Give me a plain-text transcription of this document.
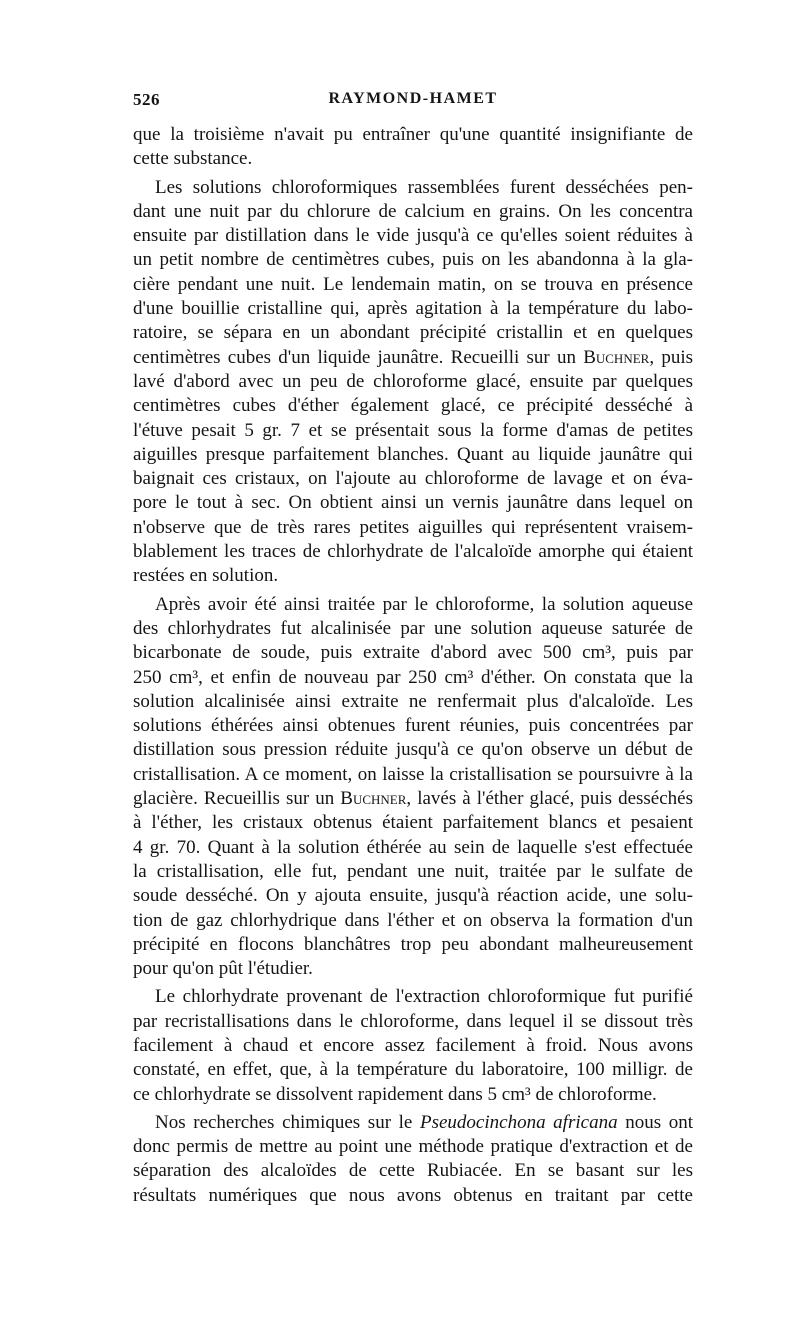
526	RAYMOND-HAMET
que la troisième n'avait pu entraîner qu'une quantité insignifiante de
cette substance.
Les solutions chloroformiques rassemblées furent desséchées pen-
dant une nuit par du chlorure de calcium en grains. On les concentra
ensuite par distillation dans le vide jusqu'à ce qu'elles soient réduites à
un petit nombre de centimètres cubes, puis on les abandonna à la gla-
cière pendant une nuit. Le lendemain matin, on se trouva en présence
d'une bouillie cristalline qui, après agitation à la température du labo-
ratoire, se sépara en un abondant précipité cristallin et en quelques
centimètres cubes d'un liquide jaunâtre. Recueilli sur un Buchner, puis
lavé d'abord avec un peu de chloroforme glacé, ensuite par quelques
centimètres cubes d'éther également glacé, ce précipité desséché à
l'étuve pesait 5 gr. 7 et se présentait sous la forme d'amas de petites
aiguilles presque parfaitement blanches. Quant au liquide jaunâtre qui
baignait ces cristaux, on l'ajoute au chloroforme de lavage et on éva-
pore le tout à sec. On obtient ainsi un vernis jaunâtre dans lequel on
n'observe que de très rares petites aiguilles qui représentent vraisem-
blablement les traces de chlorhydrate de l'alcaloïde amorphe qui étaient
restées en solution.
Après avoir été ainsi traitée par le chloroforme, la solution aqueuse
des chlorhydrates fut alcalinisée par une solution aqueuse saturée de
bicarbonate de soude, puis extraite d'abord avec 500 cm³, puis par
250 cm³, et enfin de nouveau par 250 cm³ d'éther. On constata que la
solution alcalinisée ainsi extraite ne renfermait plus d'alcaloïde. Les
solutions éthérées ainsi obtenues furent réunies, puis concentrées par
distillation sous pression réduite jusqu'à ce qu'on observe un début de
cristallisation. A ce moment, on laisse la cristallisation se poursuivre à la
glacière. Recueillis sur un Buchner, lavés à l'éther glacé, puis desséchés
à l'éther, les cristaux obtenus étaient parfaitement blancs et pesaient
4 gr. 70. Quant à la solution éthérée au sein de laquelle s'est effectuée
la cristallisation, elle fut, pendant une nuit, traitée par le sulfate de
soude desséché. On y ajouta ensuite, jusqu'à réaction acide, une solu-
tion de gaz chlorhydrique dans l'éther et on observa la formation d'un
précipité en flocons blanchâtres trop peu abondant malheureusement
pour qu'on pût l'étudier.
Le chlorhydrate provenant de l'extraction chloroformique fut purifié
par recristallisations dans le chloroforme, dans lequel il se dissout très
facilement à chaud et encore assez facilement à froid. Nous avons
constaté, en effet, que, à la température du laboratoire, 100 milligr. de
ce chlorhydrate se dissolvent rapidement dans 5 cm³ de chloroforme.
Nos recherches chimiques sur le Pseudocinchona africana nous ont
donc permis de mettre au point une méthode pratique d'extraction et de
séparation des alcaloïdes de cette Rubiacée. En se basant sur les
résultats numériques que nous avons obtenus en traitant par cette
